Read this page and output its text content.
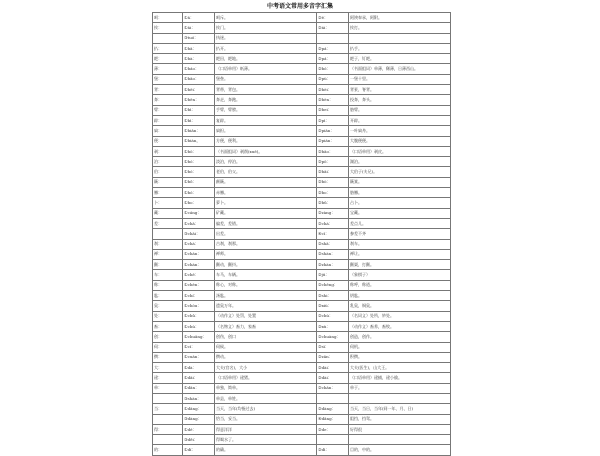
中考语文常用多音字汇集
呵：	①ā：	呵斥。	②ē：	阿谀奉承，阿附。
挨：	①āi：	挨门。	②ái：	挨打。
	③tuó：	执迷。		
扒：	①bā：	扒开。	②pá：	扒手。
耙：	①bà：	耙田，耙地。	②pá：	耙子，钉耙。
薄：	①báo：	（口语单用）纸薄。	②bó：	（书面组词）单薄，稀薄，日薄西山。
堡：	①bǎo：	堡垒。	②pù：	一堡十里。
背：	①bēi：	背带，背包。	②bèi：	背景，脊背。
奔：	①bēn：	奔走，奔跑。	②bèn：	投奔，奔头。
臂：	①bì：	手臂，臂膀。	②bei：	胳臂。
辟：	①bì：	复辟。	②pì：	开辟。
扁：	①biǎn：	扁担。	②piān：	一叶扁舟。
便：	①biàn，	方便，便利。	②pián：	大腹便便。
剥：	①bō：	（书面组词）剥削(xuē)。	②bāo：	（口语单用）剥皮。
泊：	①bó：	淡泊，停泊。	②pō：	湖泊。
伯：	①bó：	老伯，伯父。	②bǎi：	大伯子(夫兄)。
簸：	①bǒ：	颠簸。	②bò：	簸箕。
膊：	①bó：	赤膊。	②bo：	胳膊。
卜：	①bo：	萝卜。	②bǔ：	占卜。
藏：	①cáng：	矿藏。	②zàng：	宝藏。
差：	①chā：	偏差，差错。	②chà：	差点儿。
	③chāi：	出差。	④cī：	参差不齐
刹：	①chà：	古刹，刹那。	②shā：	刹车。
禅：	①chán：	禅师。	②shàn：	禅让。
颤：	①chàn：	颤动，颤抖。	②zhàn：	颤栗，打颤。
车：	①chē：	车马，车辆。	②jū：	（象棋子）
称：	①chèn：	称心，对称。	②chēng：	称呼，称道。
匙：	①chí：	汤匙。	②shi：	钥匙。
臭：	①chòu：	遗臭万年。	②xiù：	乳臭，铜臭。
处：	①chǔ：	（动作义）处罚，处置	②chù：	（名词义）处所，妙处。
畜：	①chù：	（名物义）畜力，家畜	②xù：	（动作义）畜养，畜牧。
创：	①chuāng：	创伤，创口	②chuàng：	创造，创作。
伺：	①cì：	伺候。	②sì：	伺机。
攒：	①cuán：	攒动。	②zǎn：	积攒。
大：	①dà：	大夫(官名)，大小	②dài：	大夫(医生)，山大王。
逮：	①dǎi：	（口语单用）逮猪。	②dài：	（口语单用）逮捕，逮小偷。
单：	①dān：	单独，简单。	②chán：	单于。
	③shàn：	单县，单姓。		
当：	①dāng：	当天，当年(均指过去)	②dàng：	当天，当日，当年(同一年、月、日)
	③dàng：	恰当，妥当。	④dǎng：	阻挡，挡驾。
得：	①dé：	得意洋洋	②de：	好得很
	③děi：	得喝水了。		
的：	①dí：	的确。	②dì：	目的，中的。
